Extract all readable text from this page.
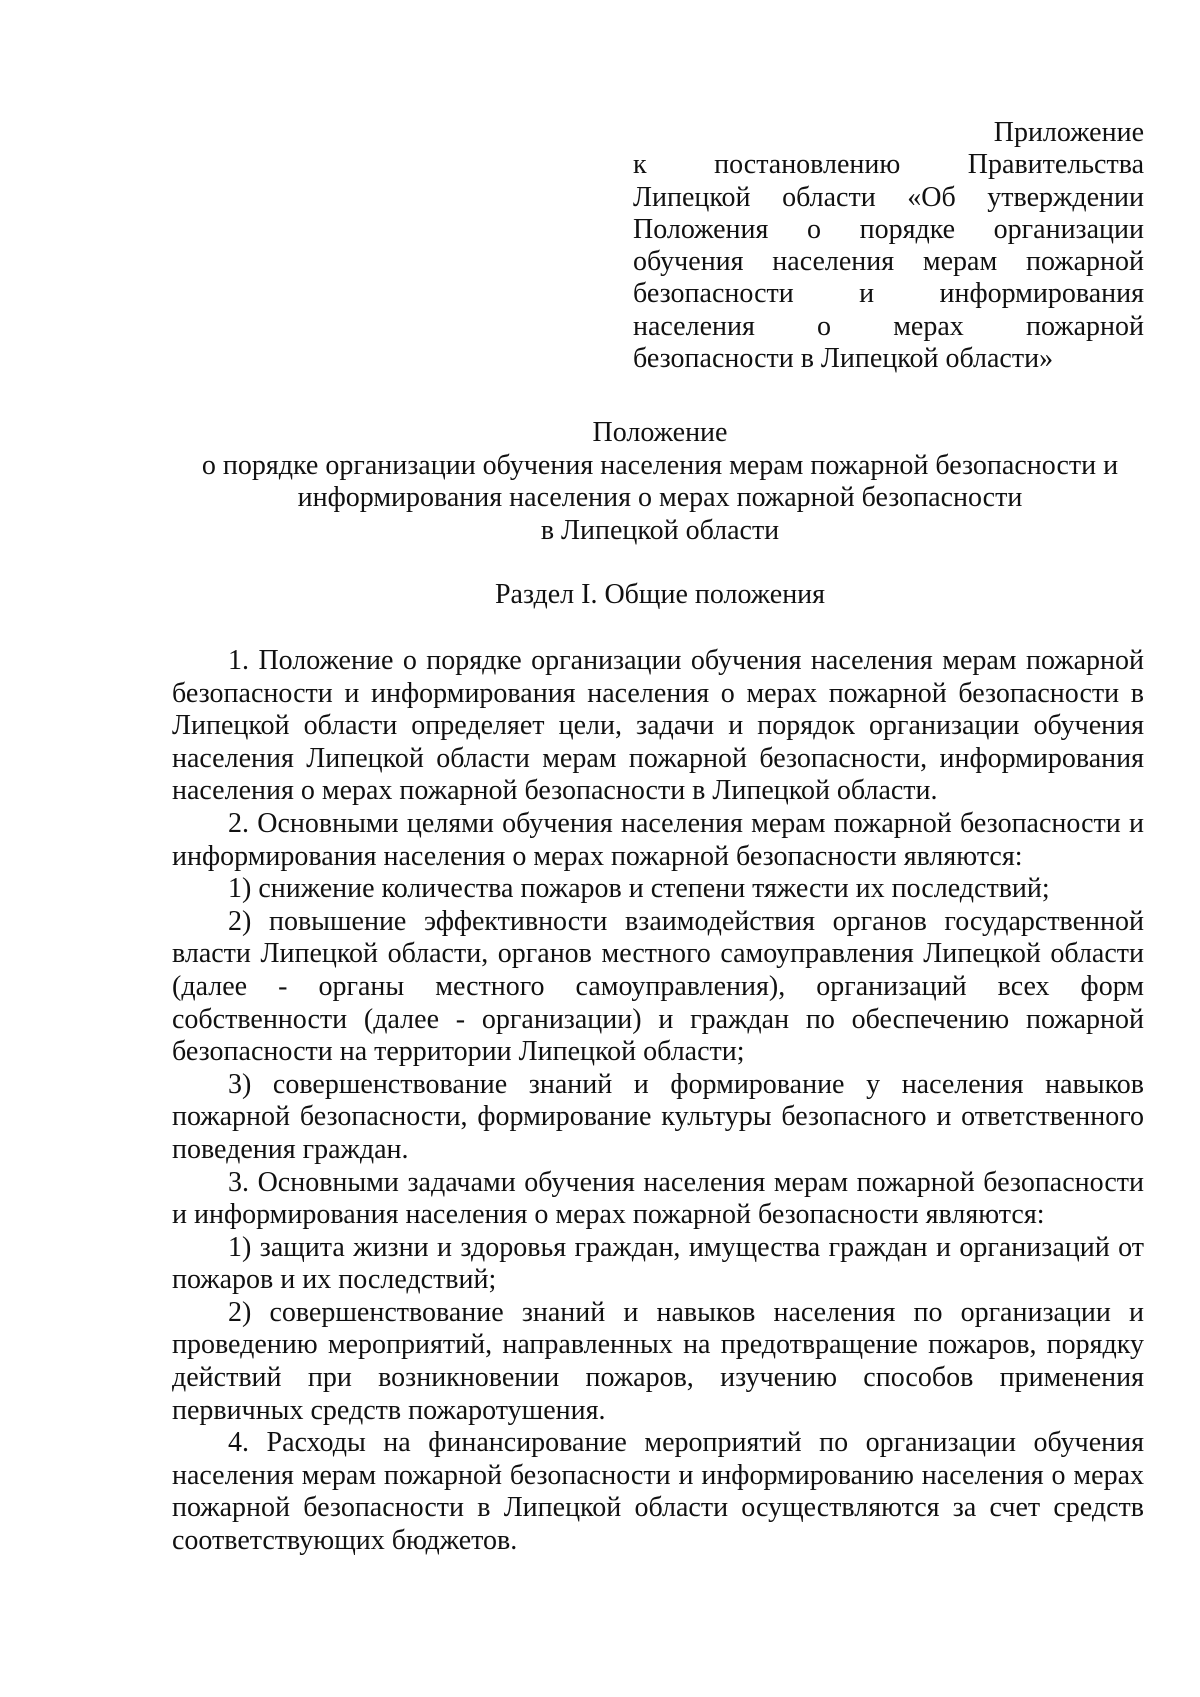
Приложение

к постановлению Правительства Липецкой области «Об утверждении Положения о порядке организации обучения населения мерам пожарной безопасности и информирования населения о мерах пожарной безопасности в Липецкой области»

Положение
о порядке организации обучения населения мерам пожарной безопасности и
информирования населения о мерах пожарной безопасности
в Липецкой области

Раздел I. Общие положения

1. Положение о порядке организации обучения населения мерам пожарной безопасности и информирования населения о мерах пожарной безопасности в Липецкой области определяет цели, задачи и порядок организации обучения населения Липецкой области мерам пожарной безопасности, информирования населения о мерах пожарной безопасности в Липецкой области.

2. Основными целями обучения населения мерам пожарной безопасности и информирования населения о мерах пожарной безопасности являются:

1) снижение количества пожаров и степени тяжести их последствий;

2) повышение эффективности взаимодействия органов государственной власти Липецкой области, органов местного самоуправления Липецкой области (далее - органы местного самоуправления), организаций всех форм собственности (далее - организации) и граждан по обеспечению пожарной безопасности на территории Липецкой области;

3) совершенствование знаний и формирование у населения навыков пожарной безопасности, формирование культуры безопасного и ответственного поведения граждан.

3. Основными задачами обучения населения мерам пожарной безопасности и информирования населения о мерах пожарной безопасности являются:

1) защита жизни и здоровья граждан, имущества граждан и организаций от пожаров и их последствий;

2) совершенствование знаний и навыков населения по организации и проведению мероприятий, направленных на предотвращение пожаров, порядку действий при возникновении пожаров, изучению способов применения первичных средств пожаротушения.

4. Расходы на финансирование мероприятий по организации обучения населения мерам пожарной безопасности и информированию населения о мерах пожарной безопасности в Липецкой области осуществляются за счет средств соответствующих бюджетов.
